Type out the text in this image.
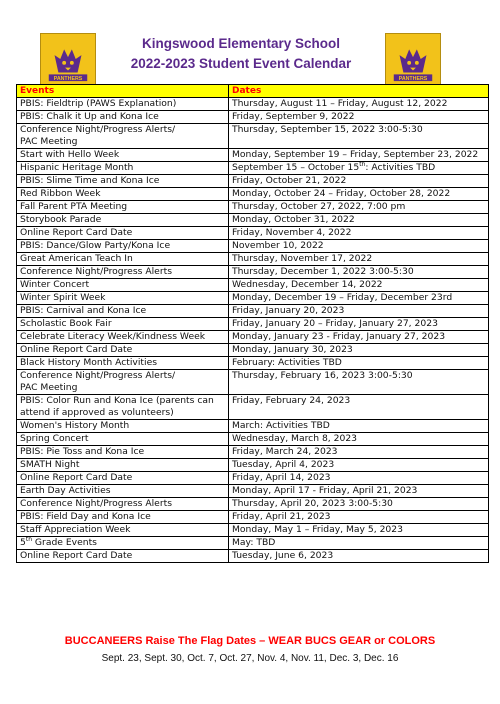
PANTHERS
Kingswood Elementary School
2022-2023 Student Event Calendar
PANTHERS
Events	Dates
PBIS: Fieldtrip (PAWS Explanation)	Thursday, August 11 – Friday, August 12, 2022
PBIS: Chalk it Up and Kona Ice	Friday, September 9, 2022
Conference Night/Progress Alerts/
PAC Meeting	Thursday, September 15, 2022 3:00-5:30
Start with Hello Week	Monday, September 19 – Friday, September 23, 2022
Hispanic Heritage Month	September 15 – October 15th: Activities TBD
PBIS: Slime Time and Kona Ice	Friday, October 21, 2022
Red Ribbon Week	Monday, October 24 – Friday, October 28, 2022
Fall Parent PTA Meeting	Thursday, October 27, 2022, 7:00 pm
Storybook Parade	Monday, October 31, 2022
Online Report Card Date	Friday, November 4, 2022
PBIS: Dance/Glow Party/Kona Ice	November 10, 2022
Great American Teach In	Thursday, November 17, 2022
Conference Night/Progress Alerts	Thursday, December 1, 2022 3:00-5:30
Winter Concert	Wednesday, December 14, 2022
Winter Spirit Week	Monday, December 19 – Friday, December 23rd
PBIS: Carnival and Kona Ice	Friday, January 20, 2023
Scholastic Book Fair	Friday, January 20 – Friday, January 27, 2023
Celebrate Literacy Week/Kindness Week	Monday, January 23 - Friday, January 27, 2023
Online Report Card Date	Monday, January 30, 2023
Black History Month Activities	February: Activities TBD
Conference Night/Progress Alerts/
PAC Meeting	Thursday, February 16, 2023 3:00-5:30
PBIS: Color Run and Kona Ice (parents can
attend if approved as volunteers)	Friday, February 24, 2023
Women's History Month	March: Activities TBD
Spring Concert	Wednesday, March 8, 2023
PBIS: Pie Toss and Kona Ice	Friday, March 24, 2023
SMATH Night	Tuesday, April 4, 2023
Online Report Card Date	Friday, April 14, 2023
Earth Day Activities	Monday, April 17 - Friday, April 21, 2023
Conference Night/Progress Alerts	Thursday, April 20, 2023 3:00-5:30
PBIS: Field Day and Kona Ice	Friday, April 21, 2023
Staff Appreciation Week	Monday, May 1 – Friday, May 5, 2023
5th Grade Events	May: TBD
Online Report Card Date	Tuesday, June 6, 2023
BUCCANEERS Raise The Flag Dates – WEAR BUCS GEAR or COLORS
Sept. 23, Sept. 30, Oct. 7, Oct. 27, Nov. 4, Nov. 11, Dec. 3, Dec. 16
